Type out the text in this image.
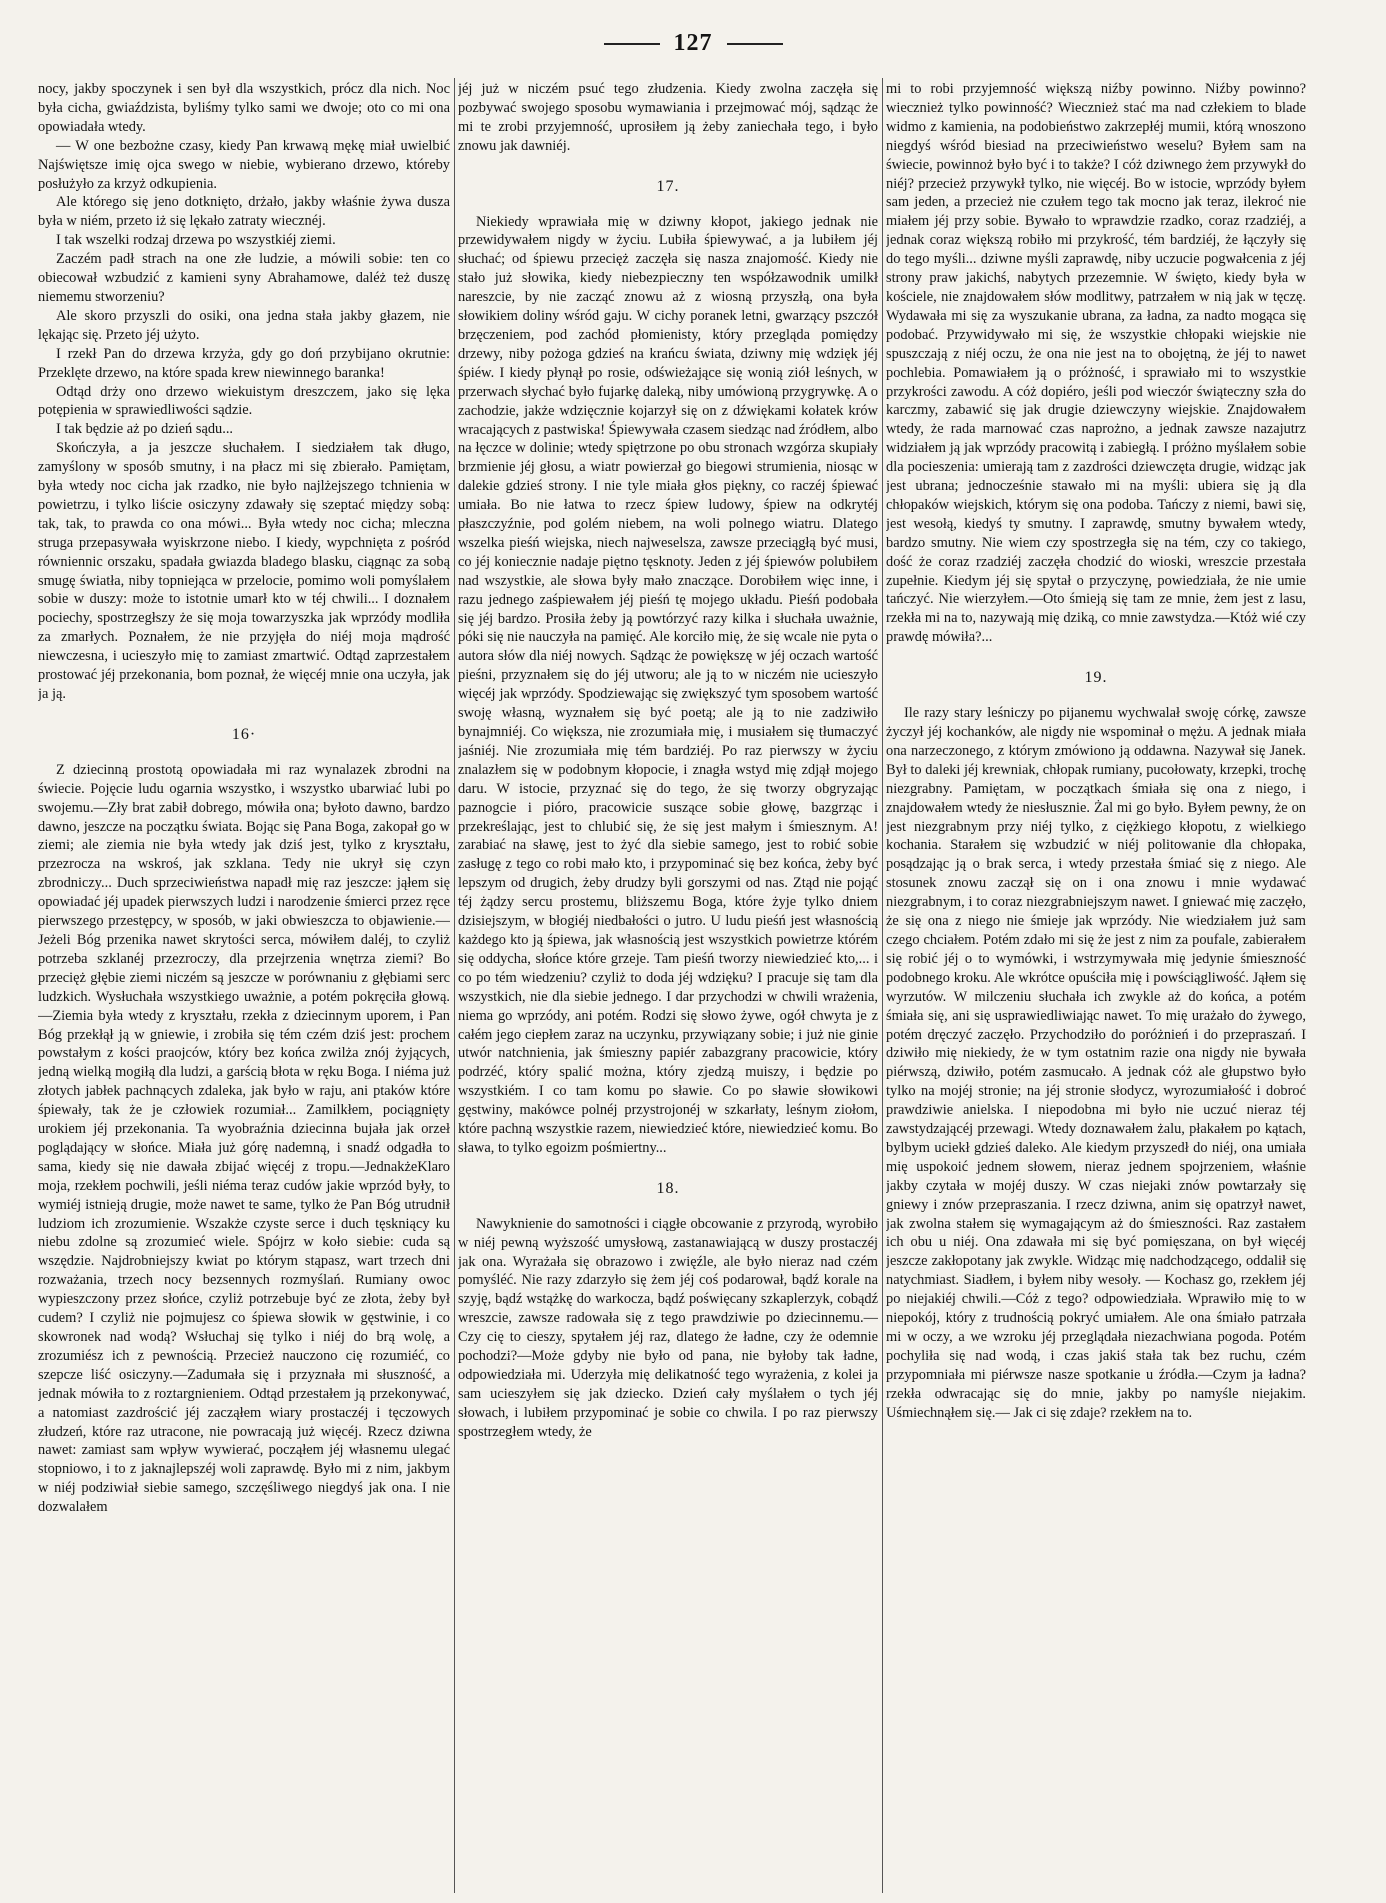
127

nocy, jakby spoczynek i sen był dla wszystkich, prócz dla nich. Noc była cicha, gwiaździsta, byliśmy tylko sami we dwoje; oto co mi ona opowiadała wtedy.

— W one bezbożne czasy, kiedy Pan krwawą mękę miał uwielbić Najświętsze imię ojca swego w niebie, wybierano drzewo, któreby posłużyło za krzyż odkupienia.

Ale którego się jeno dotknięto, drżało, jakby właśnie żywa dusza była w niém, przeto iż się lękało zatraty wiecznéj.

I tak wszelki rodzaj drzewa po wszystkiéj ziemi.

Zaczém padł strach na one złe ludzie, a mówili sobie: ten co obiecował wzbudzić z kamieni syny Abrahamowe, daléż też duszę niememu stworzeniu?

Ale skoro przyszli do osiki, ona jedna stała jakby głazem, nie lękając się. Przeto jéj użyto.

I rzekł Pan do drzewa krzyża, gdy go doń przybijano okrutnie: Przeklęte drzewo, na które spada krew niewinnego baranka!

Odtąd drży ono drzewo wiekuistym dreszczem, jako się lęka potępienia w sprawiedliwości sądzie.

I tak będzie aż po dzień sądu...

Skończyła, a ja jeszcze słuchałem. I siedziałem tak długo, zamyślony w sposób smutny, i na płacz mi się zbierało. Pamiętam, była wtedy noc cicha jak rzadko, nie było najlżejszego tchnienia w powietrzu, i tylko liście osiczyny zdawały się szeptać między sobą: tak, tak, to prawda co ona mówi... Była wtedy noc cicha; mleczna struga przepasywała wyiskrzone niebo. I kiedy, wypchnięta z pośród równiennic orszaku, spadała gwiazda bladego blasku, ciągnąc za sobą smugę światła, niby topniejąca w przelocie, pomimo woli pomyślałem sobie w duszy: może to istotnie umarł kto w téj chwili... I doznałem pociechy, spostrzegłszy że się moja towarzyszka jak wprzódy modliła za zmarłych. Poznałem, że nie przyjęła do niéj moja mądrość niewczesna, i ucieszyło mię to zamiast zmartwić. Odtąd zaprzestałem prostować jéj przekonania, bom poznał, że więcéj mnie ona uczyła, jak ja ją.

16·

Z dziecinną prostotą opowiadała mi raz wynalazek zbrodni na świecie. Pojęcie ludu ogarnia wszystko, i wszystko ubarwiać lubi po swojemu.—Zły brat zabił dobrego, mówiła ona; byłoto dawno, bardzo dawno, jeszcze na początku świata. Bojąc się Pana Boga, zakopał go w ziemi; ale ziemia nie była wtedy jak dziś jest, tylko z kryształu, przezrocza na wskroś, jak szklana. Tedy nie ukrył się czyn zbrodniczy... Duch sprzeciwieństwa napadł mię raz jeszcze: jąłem się opowiadać jéj upadek pierwszych ludzi i narodzenie śmierci przez ręce pierwszego przestępcy, w sposób, w jaki obwieszcza to objawienie.—Jeżeli Bóg przenika nawet skrytości serca, mówiłem daléj, to czyliż potrzeba szklanéj przezroczy, dla przejrzenia wnętrza ziemi? Bo przecięż głębie ziemi niczém są jeszcze w porównaniu z głębiami serc ludzkich. Wysłuchała wszystkiego uważnie, a potém pokręciła głową.—Ziemia była wtedy z kryształu, rzekła z dziecinnym uporem, i Pan Bóg przekłął ją w gniewie, i zrobiła się tém czém dziś jest: prochem powstałym z kości praojców, który bez końca zwilża znój żyjących, jedną wielką mogiłą dla ludzi, a garścią błota w ręku Boga. I niéma już złotych jabłek pachnących zdaleka, jak było w raju, ani ptaków które śpiewały, tak że je człowiek rozumiał... Zamilkłem, pociągnięty urokiem jéj przekonania. Ta wyobraźnia dziecinna bujała jak orzeł poglądający w słońce. Miała już górę nademną, i snadź odgadła to sama, kiedy się nie dawała zbijać więcéj z tropu.—JednakżeKlaro moja, rzekłem pochwili, jeśli niéma teraz cudów jakie wprzód były, to wymiéj istnieją drugie, może nawet te same, tylko że Pan Bóg utrudnił ludziom ich zrozumienie. Wszakże czyste serce i duch tęskniący ku niebu zdolne są zrozumieć wiele. Spójrz w koło siebie: cuda są wszędzie. Najdrobniejszy kwiat po którym stąpasz, wart trzech dni rozważania, trzech nocy bezsennych rozmyślań. Rumiany owoc wypieszczony przez słońce, czyliż potrzebuje być ze złota, żeby był cudem? I czyliż nie pojmujesz co śpiewa słowik w gęstwinie, i co skowronek nad wodą? Wsłuchaj się tylko i niéj do brą wolę, a zrozumiész ich z pewnością. Przecież nauczono cię rozumiéć, co szepcze liść osiczyny.—Zadumała się i przyznała mi słuszność, a jednak mówiła to z roztargnieniem. Odtąd przestałem ją przekonywać, a natomiast zazdrościć jéj zacząłem wiary prostaczéj i tęczowych złudzeń, które raz utracone, nie powracają już więcéj. Rzecz dziwna nawet: zamiast sam wpływ wywierać, począłem jéj własnemu ulegać stopniowo, i to z jaknajlepszéj woli zaprawdę. Było mi z nim, jakbym w niéj podziwiał siebie samego, szczęśliwego niegdyś jak ona. I nie dozwalałem

jéj już w niczém psuć tego złudzenia. Kiedy zwolna zaczęła się pozbywać swojego sposobu wymawiania i przejmować mój, sądząc że mi te zrobi przyjemność, uprosiłem ją żeby zaniechała tego, i było znowu jak dawniéj.

17.

Niekiedy wprawiała mię w dziwny kłopot, jakiego jednak nie przewidywałem nigdy w życiu. Lubiła śpiewywać, a ja lubiłem jéj słuchać; od śpiewu przecięż zaczęła się nasza znajomość. Kiedy nie stało już słowika, kiedy niebezpieczny ten współzawodnik umilkł nareszcie, by nie zacząć znowu aż z wiosną przyszłą, ona była słowikiem doliny wśród gaju. W cichy poranek letni, gwarzący pszczół brzęczeniem, pod zachód płomienisty, który przegląda pomiędzy drzewy, niby pożoga gdzieś na krańcu świata, dziwny mię wdzięk jéj śpiéw. I kiedy płynął po rosie, odświeżające się wonią ziół leśnych, w przerwach słychać było fujarkę daleką, niby umówioną przygrywkę. A o zachodzie, jakże wdzięcznie kojarzył się on z dźwiękami kołatek krów wracających z pastwiska! Śpiewywała czasem siedząc nad źródłem, albo na łęczce w dolinie; wtedy spiętrzone po obu stronach wzgórza skupiały brzmienie jéj głosu, a wiatr powierzał go biegowi strumienia, niosąc w dalekie gdzieś strony. I nie tyle miała głos piękny, co raczéj śpiewać umiała. Bo nie łatwa to rzecz śpiew ludowy, śpiew na odkrytéj płaszczyźnie, pod golém niebem, na woli polnego wiatru. Dlatego wszelka pieśń wiejska, niech najweselsza, zawsze przeciągłą być musi, co jéj koniecznie nadaje piętno tęsknoty. Jeden z jéj śpiewów polubiłem nad wszystkie, ale słowa były mało znaczące. Dorobiłem więc inne, i razu jednego zaśpiewałem jéj pieśń tę mojego układu. Pieśń podobała się jéj bardzo. Prosiła żeby ją powtórzyć razy kilka i słuchała uważnie, póki się nie nauczyła na pamięć. Ale korciło mię, że się wcale nie pyta o autora słów dla niéj nowych. Sądząc że powiększę w jéj oczach wartość pieśni, przyznałem się do jéj utworu; ale ją to w niczém nie ucieszyło więcéj jak wprzódy. Spodziewając się zwiększyć tym sposobem wartość swoję własną, wyznałem się być poetą; ale ją to nie zadziwiło bynajmniéj. Co większa, nie zrozumiała mię, i musiałem się tłumaczyć jaśniéj. Nie zrozumiała mię tém bardziéj. Po raz pierwszy w życiu znalazłem się w podobnym kłopocie, i znagła wstyd mię zdjął mojego daru. W istocie, przyznać się do tego, że się tworzy obgryzając paznogcie i pióro, pracowicie suszące sobie głowę, bazgrząc i przekreślając, jest to chlubić się, że się jest małym i śmiesznym. A! zarabiać na sławę, jest to żyć dla siebie samego, jest to robić sobie zasługę z tego co robi mało kto, i przypominać się bez końca, żeby być lepszym od drugich, żeby drudzy byli gorszymi od nas. Ztąd nie pojąć téj żądzy sercu prostemu, bliższemu Boga, które żyje tylko dniem dzisiejszym, w błogiéj niedbałości o jutro. U ludu pieśń jest własnością każdego kto ją śpiewa, jak własnością jest wszystkich powietrze którém się oddycha, słońce które grzeje. Tam pieśń tworzy niewiedzieć kto,... i co po tém wiedzeniu? czyliż to doda jéj wdzięku? I pracuje się tam dla wszystkich, nie dla siebie jednego. I dar przychodzi w chwili wrażenia, niema go wprzódy, ani potém. Rodzi się słowo żywe, ogół chwyta je z całém jego ciepłem zaraz na uczynku, przywiązany sobie; i już nie ginie utwór natchnienia, jak śmieszny papiér zabazgrany pracowicie, który podrzéć, który spalić można, który zjedzą muiszy, i będzie po wszystkiém. I co tam komu po sławie. Co po sławie słowikowi gęstwiny, makówce polnéj przystrojonéj w szkarłaty, leśnym ziołom, które pachną wszystkie razem, niewiedzieć które, niewiedzieć komu. Bo sława, to tylko egoizm pośmiertny...

18.

Nawyknienie do samotności i ciągłe obcowanie z przyrodą, wyrobiło w niéj pewną wyższość umysłową, zastanawiającą w duszy prostaczéj jak ona. Wyrażała się obrazowo i zwięźle, ale było nieraz nad czém pomyśléć. Nie razy zdarzyło się żem jéj coś podarował, bądź korale na szyję, bądź wstążkę do warkocza, bądź poświęcany szkaplerzyk, cobądź wreszcie, zawsze radowała się z tego prawdziwie po dziecinnemu.—Czy cię to cieszy, spytałem jéj raz, dlatego że ładne, czy że odemnie pochodzi?—Może gdyby nie było od pana, nie byłoby tak ładne, odpowiedziała mi. Uderzyła mię delikatność tego wyrażenia, z kolei ja sam ucieszyłem się jak dziecko. Dzień cały myślałem o tych jéj słowach, i lubiłem przypominać je sobie co chwila. I po raz pierwszy spostrzegłem wtedy, że

mi to robi przyjemność większą niźby powinno. Niźby powinno? wiecznież tylko powinność? Wiecznież stać ma nad człekiem to blade widmo z kamienia, na podobieństwo zakrzepłéj mumii, którą wnoszono niegdyś wśród biesiad na przeciwieństwo weselu? Byłem sam na świecie, powinnoż było być i to także? I cóż dziwnego żem przywykł do niéj? przecież przywykł tylko, nie więcéj. Bo w istocie, wprzódy byłem sam jeden, a przecież nie czułem tego tak mocno jak teraz, ilekroć nie miałem jéj przy sobie. Bywało to wprawdzie rzadko, coraz rzadziéj, a jednak coraz większą robiło mi przykrość, tém bardziéj, że łączyły się do tego myśli... dziwne myśli zaprawdę, niby uczucie pogwałcenia z jéj strony praw jakichś, nabytych przezemnie. W święto, kiedy była w kościele, nie znajdowałem słów modlitwy, patrzałem w nią jak w tęczę. Wydawała mi się za wyszukanie ubrana, za ładna, za nadto mogąca się podobać. Przywidywało mi się, że wszystkie chłopaki wiejskie nie spuszczają z niéj oczu, że ona nie jest na to obojętną, że jéj to nawet pochlebia. Pomawiałem ją o próżność, i sprawiało mi to wszystkie przykrości zawodu. A cóż dopiéro, jeśli pod wieczór świąteczny szła do karczmy, zabawić się jak drugie dziewczyny wiejskie. Znajdowałem wtedy, że rada marnować czas naprożno, a jednak zawsze nazajutrz widziałem ją jak wprzódy pracowitą i zabiegłą. I próżno myślałem sobie dla pocieszenia: umierają tam z zazdrości dziewczęta drugie, widząc jak jest ubrana; jednocześnie stawało mi na myśli: ubiera się ją dla chłopaków wiejskich, którym się ona podoba. Tańczy z niemi, bawi się, jest wesołą, kiedyś ty smutny. I zaprawdę, smutny bywałem wtedy, bardzo smutny. Nie wiem czy spostrzegła się na tém, czy co takiego, dość że coraz rzadziéj zaczęła chodzić do wioski, wreszcie przestała zupełnie. Kiedym jéj się spytał o przyczynę, powiedziała, że nie umie tańczyć. Nie wierzyłem.—Oto śmieją się tam ze mnie, żem jest z lasu, rzekła mi na to, nazywają mię dziką, co mnie zawstydza.—Któż wié czy prawdę mówiła?...

19.

Ile razy stary leśniczy po pijanemu wychwalał swoję córkę, zawsze życzył jéj kochanków, ale nigdy nie wspominał o mężu. A jednak miała ona narzeczonego, z którym zmówiono ją oddawna. Nazywał się Janek. Był to daleki jéj krewniak, chłopak rumiany, pucołowaty, krzepki, trochę niezgrabny. Pamiętam, w początkach śmiała się ona z niego, i znajdowałem wtedy że niesłusznie. Żal mi go było. Byłem pewny, że on jest niezgrabnym przy niéj tylko, z ciężkiego kłopotu, z wielkiego kochania. Starałem się wzbudzić w niéj politowanie dla chłopaka, posądzając ją o brak serca, i wtedy przestała śmiać się z niego. Ale stosunek znowu zaczął się on i ona znowu i mnie wydawać niezgrabnym, i to coraz niezgrabniejszym nawet. I gniewać mię zaczęło, że się ona z niego nie śmieje jak wprzódy. Nie wiedziałem już sam czego chciałem. Potém zdało mi się że jest z nim za poufale, zabierałem się robić jéj o to wymówki, i wstrzymywała mię jedynie śmieszność podobnego kroku. Ale wkrótce opuściła mię i powściągliwość. Jąłem się wyrzutów. W milczeniu słuchała ich zwykle aż do końca, a potém śmiała się, ani się usprawiedliwiając nawet. To mię urażało do żywego, potém dręczyć zaczęło. Przychodziło do poróżnień i do przepraszań. I dziwiło mię niekiedy, że w tym ostatnim razie ona nigdy nie bywała piérwszą, dziwiło, potém zasmucało. A jednak cóż ale głupstwo było tylko na mojéj stronie; na jéj stronie słodycz, wyrozumiałość i dobroć prawdziwie anielska. I niepodobna mi było nie uczuć nieraz téj zawstydzającéj przewagi. Wtedy doznawałem żalu, płakałem po kątach, bylbym uciekł gdzieś daleko. Ale kiedym przyszedł do niéj, ona umiała mię uspokoić jednem słowem, nieraz jednem spojrzeniem, właśnie jakby czytała w mojéj duszy. W czas niejaki znów powtarzały się gniewy i znów przepraszania. I rzecz dziwna, anim się opatrzył nawet, jak zwolna stałem się wymagającym aż do śmieszności. Raz zastałem ich obu u niéj. Ona zdawała mi się być pomięszana, on był więcéj jeszcze zakłopotany jak zwykle. Widząc mię nadchodzącego, oddalił się natychmiast. Siadłem, i byłem niby wesoły. — Kochasz go, rzekłem jéj po niejakiéj chwili.—Cóż z tego? odpowiedziała. Wprawiło mię to w niepokój, który z trudnością pokryć umiałem. Ale ona śmiało patrzała mi w oczy, a we wzroku jéj przeglądała niezachwiana pogoda. Potém pochyliła się nad wodą, i czas jakiś stała tak bez ruchu, czém przypomniała mi piérwsze nasze spotkanie u źródła.—Czym ja ładna? rzekła odwracając się do mnie, jakby po namyśle niejakim. Uśmiechnąłem się.— Jak ci się zdaje? rzekłem na to.
